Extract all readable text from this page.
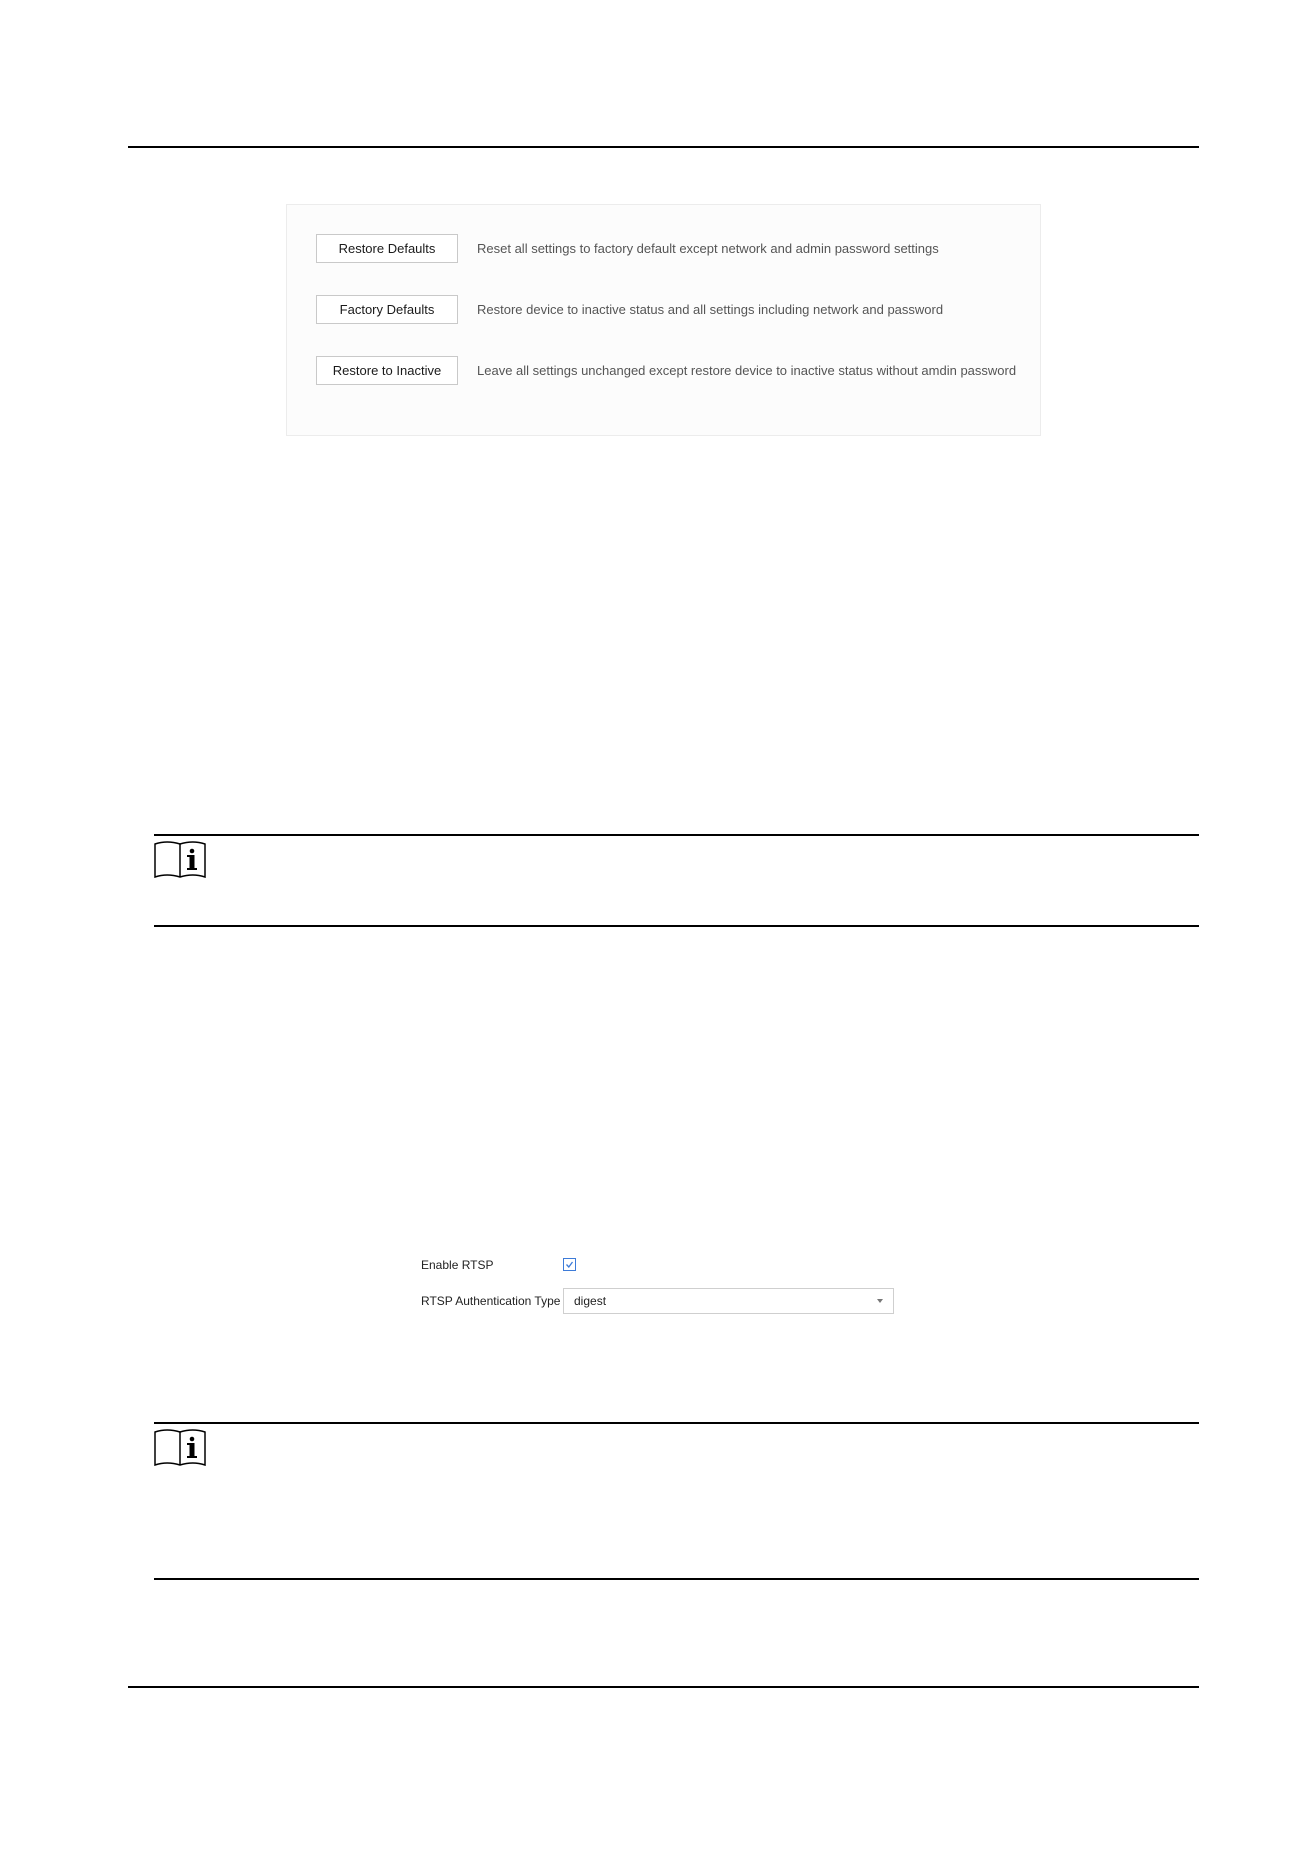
Restore Defaults	Reset all settings to factory default except network and admin password settings
Factory Defaults	Restore device to inactive status and all settings including network and password
Restore to Inactive	Leave all settings unchanged except restore device to inactive status without amdin password
Enable RTSP
RTSP Authentication Type digest
